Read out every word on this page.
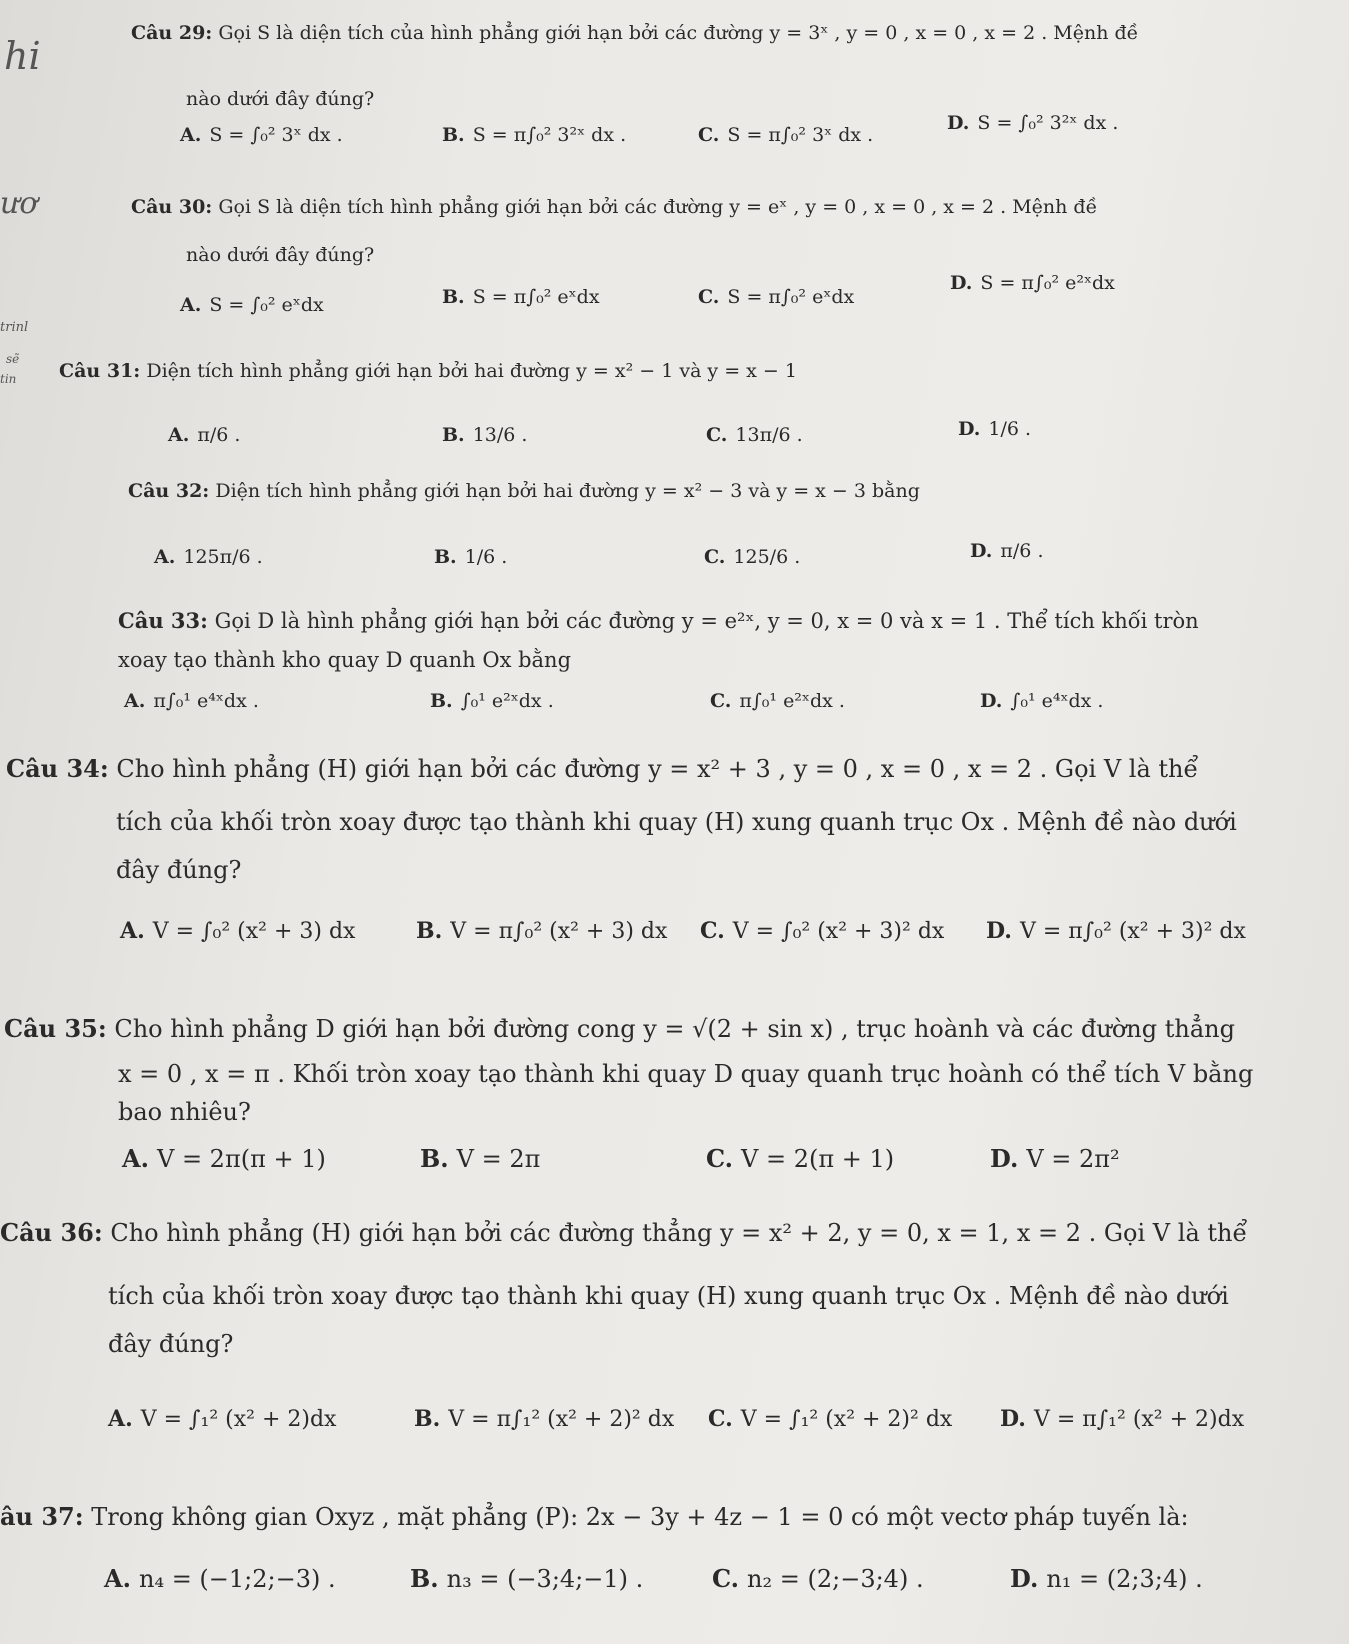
hi
ươ
trinl
sẽ
tin
Câu 29: Gọi S là diện tích của hình phẳng giới hạn bởi các đường y = 3ˣ , y = 0 , x = 0 , x = 2 . Mệnh đề
nào dưới đây đúng?
A. S = ∫₀² 3ˣ dx .	B. S = π∫₀² 3²ˣ dx .	C. S = π∫₀² 3ˣ dx .
D. S = ∫₀² 3²ˣ dx .
Câu 30: Gọi S là diện tích hình phẳng giới hạn bởi các đường y = eˣ , y = 0 , x = 0 , x = 2 . Mệnh đề
nào dưới đây đúng?
A. S = ∫₀² eˣdx	B. S = π∫₀² eˣdx	C. S = π∫₀² eˣdx
D. S = π∫₀² e²ˣdx
Câu 31: Diện tích hình phẳng giới hạn bởi hai đường y = x² − 1 và y = x − 1
A. π/6 .	B. 13/6 .	C. 13π/6 .	D. 1/6 .
Câu 32: Diện tích hình phẳng giới hạn bởi hai đường y = x² − 3 và y = x − 3 bằng
A. 125π/6 .	B. 1/6 .	C. 125/6 .	D. π/6 .
Câu 33: Gọi D là hình phẳng giới hạn bởi các đường y = e²ˣ, y = 0, x = 0 và x = 1 . Thể tích khối tròn
xoay tạo thành kho quay D quanh Ox bằng
A. π∫₀¹ e⁴ˣdx .	B. ∫₀¹ e²ˣdx .	C. π∫₀¹ e²ˣdx .	D. ∫₀¹ e⁴ˣdx .
Câu 34: Cho hình phẳng (H) giới hạn bởi các đường y = x² + 3 , y = 0 , x = 0 , x = 2 . Gọi V là thể
tích của khối tròn xoay được tạo thành khi quay (H) xung quanh trục Ox . Mệnh đề nào dưới
đây đúng?
A. V = ∫₀² (x² + 3) dx	B. V = π∫₀² (x² + 3) dx C. V = ∫₀² (x² + 3)² dx D. V = π∫₀² (x² + 3)² dx
Câu 35: Cho hình phẳng D giới hạn bởi đường cong y = √(2 + sin x) , trục hoành và các đường thẳng
x = 0 , x = π . Khối tròn xoay tạo thành khi quay D quay quanh trục hoành có thể tích V bằng
bao nhiêu?
A. V = 2π(π + 1)	B. V = 2π	C. V = 2(π + 1)	D. V = 2π²
Câu 36: Cho hình phẳng (H) giới hạn bởi các đường thẳng y = x² + 2, y = 0, x = 1, x = 2 . Gọi V là thể
tích của khối tròn xoay được tạo thành khi quay (H) xung quanh trục Ox . Mệnh đề nào dưới
đây đúng?
A. V = ∫₁² (x² + 2)dx	B. V = π∫₁² (x² + 2)² dx C. V = ∫₁² (x² + 2)² dx D. V = π∫₁² (x² + 2)dx
âu 37: Trong không gian Oxyz , mặt phẳng (P): 2x − 3y + 4z − 1 = 0 có một vectơ pháp tuyến là:
A. n₄ = (−1;2;−3) .	B. n₃ = (−3;4;−1) .	C. n₂ = (2;−3;4) .	D. n₁ = (2;3;4) .
